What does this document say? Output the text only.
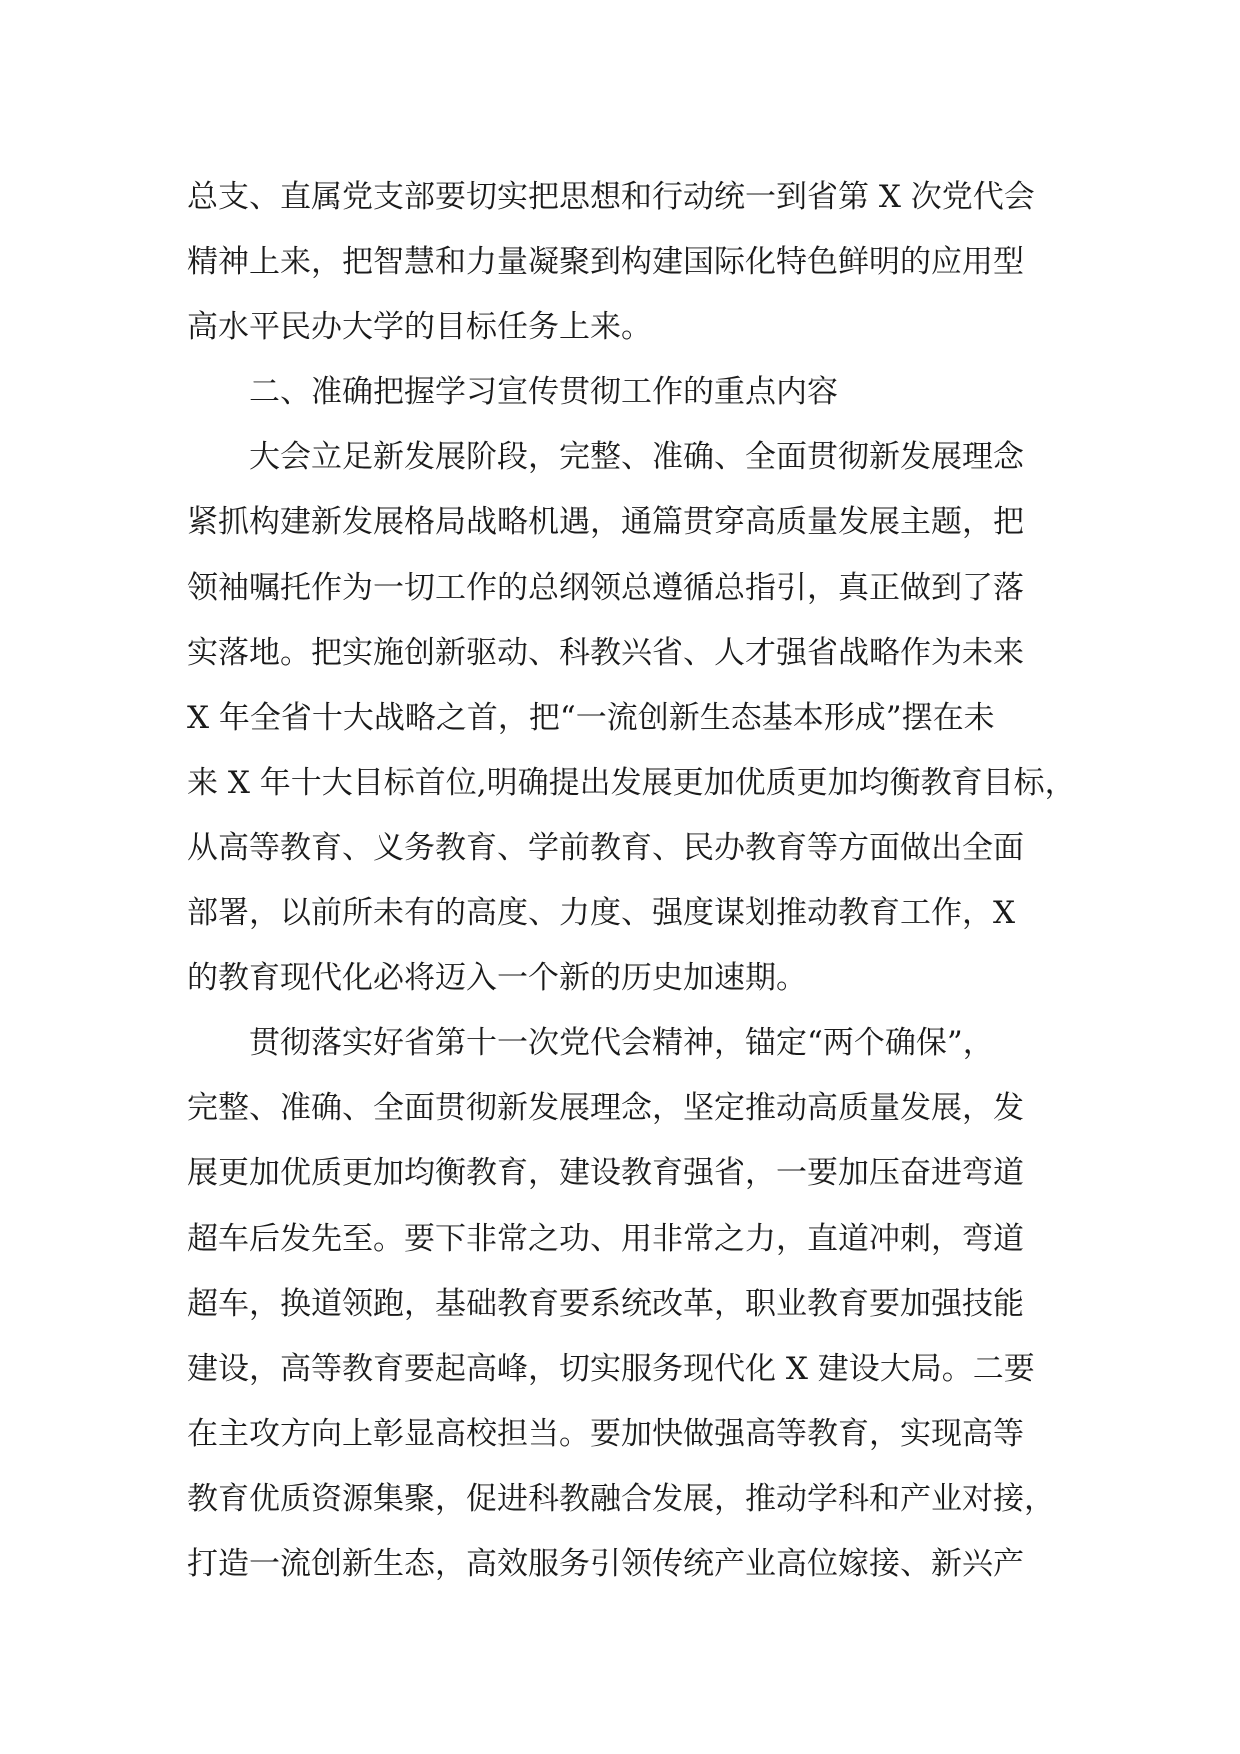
总支、直属党支部要切实把思想和行动统一到省第 X 次党代会
精神上来，把智慧和力量凝聚到构建国际化特色鲜明的应用型
高水平民办大学的目标任务上来。
二、准确把握学习宣传贯彻工作的重点内容
大会立足新发展阶段，完整、准确、全面贯彻新发展理念
紧抓构建新发展格局战略机遇，通篇贯穿高质量发展主题，把
领袖嘱托作为一切工作的总纲领总遵循总指引，真正做到了落
实落地。把实施创新驱动、科教兴省、人才强省战略作为未来
X 年全省十大战略之首，把“一流创新生态基本形成”摆在未
来 X 年十大目标首位,明确提出发展更加优质更加均衡教育目标，
从高等教育、义务教育、学前教育、民办教育等方面做出全面
部署，以前所未有的高度、力度、强度谋划推动教育工作，X
的教育现代化必将迈入一个新的历史加速期。
贯彻落实好省第十一次党代会精神，锚定“两个确保”，
完整、准确、全面贯彻新发展理念，坚定推动高质量发展，发
展更加优质更加均衡教育，建设教育强省，一要加压奋进弯道
超车后发先至。要下非常之功、用非常之力，直道冲刺，弯道
超车，换道领跑，基础教育要系统改革，职业教育要加强技能
建设，高等教育要起高峰，切实服务现代化 X 建设大局。二要
在主攻方向上彰显高校担当。要加快做强高等教育，实现高等
教育优质资源集聚，促进科教融合发展，推动学科和产业对接，
打造一流创新生态，高效服务引领传统产业高位嫁接、新兴产
